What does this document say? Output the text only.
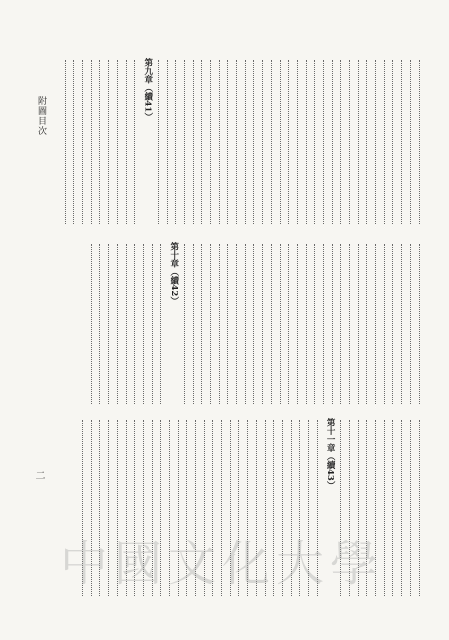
附圖目次
二
第九章（續41）
第十章（續42）
第十一章（續43）
中國文化大學
